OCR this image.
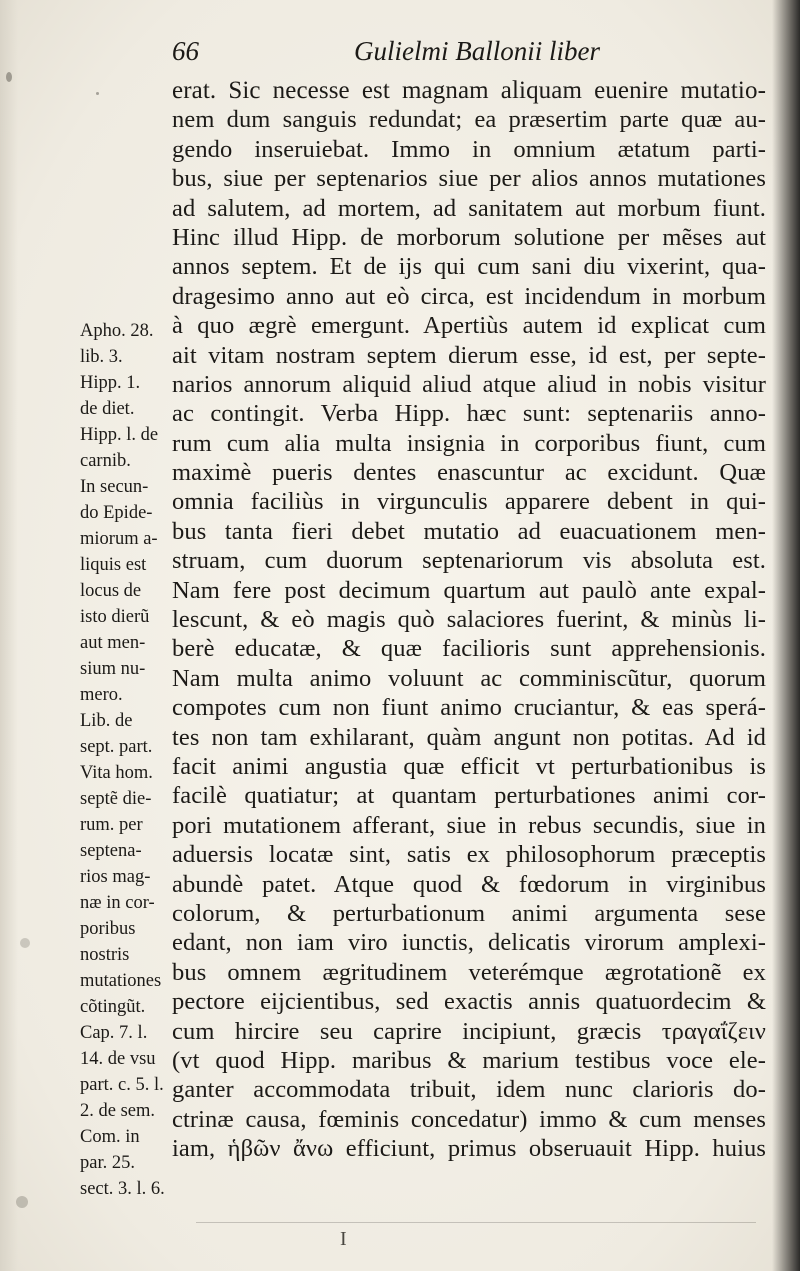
66	Gulielmi Ballonii liber
erat. Sic necesse est magnam aliquam euenire mutatio-
nem dum sanguis redundat; ea præsertim parte quæ au-
gendo inseruiebat. Immo in omnium ætatum parti-
bus, siue per septenarios siue per alios annos mutationes
ad salutem, ad mortem, ad sanitatem aut morbum fiunt.
Hinc illud Hipp. de morborum solutione per mẽses aut
annos septem. Et de ijs qui cum sani diu vixerint, qua-
dragesimo anno aut eò circa, est incidendum in morbum
à quo ægrè emergunt. Apertiùs autem id explicat cum
ait vitam nostram septem dierum esse, id est, per septe-
narios annorum aliquid aliud atque aliud in nobis visitur
ac contingit. Verba Hipp. hæc sunt: septenariis anno-
rum cum alia multa insignia in corporibus fiunt, cum
maximè pueris dentes enascuntur ac excidunt. Quæ
omnia faciliùs in virgunculis apparere debent in qui-
bus tanta fieri debet mutatio ad euacuationem men-
struam, cum duorum septenariorum vis absoluta est.
Nam fere post decimum quartum aut paulò ante expal-
lescunt, & eò magis quò salaciores fuerint, & minùs li-
berè educatæ, & quæ facilioris sunt apprehensionis.
Nam multa animo voluunt ac comminiscũtur, quorum
compotes cum non fiunt animo cruciantur, & eas sperá-
tes non tam exhilarant, quàm angunt non potitas. Ad id
facit animi angustia quæ efficit vt perturbationibus is
facilè quatiatur; at quantam perturbationes animi cor-
pori mutationem afferant, siue in rebus secundis, siue in
aduersis locatæ sint, satis ex philosophorum præceptis
abundè patet. Atque quod & fœdorum in virginibus
colorum, & perturbationum animi argumenta sese
edant, non iam viro iunctis, delicatis virorum amplexi-
bus omnem ægritudinem veterémque ægrotationẽ ex
pectore eijcientibus, sed exactis annis quatuordecim &
cum hircire seu caprire incipiunt, græcis τραγαΐζειν
(vt quod Hipp. maribus & marium testibus voce ele-
ganter accommodata tribuit, idem nunc clarioris do-
ctrinæ causa, fœminis concedatur) immo & cum menses
iam, ἡβῶν ἄνω efficiunt, primus obseruauit Hipp. huius
Apho. 28.
lib. 3.
Hipp. 1.
de diet.
Hipp. l. de
carnib.
In secun-
do Epide-
miorum a-
liquis est
locus de
isto dierũ
aut men-
sium nu-
mero.
Lib. de
sept. part.
Vita hom.
septẽ die-
rum. per
septena-
rios mag-
næ in cor-
poribus
nostris
mutationes
cõtingũt.
Cap. 7. l.
14. de vsu
part. c. 5. l.
2. de sem.
Com. in
par. 25.
sect. 3. l. 6.
I
